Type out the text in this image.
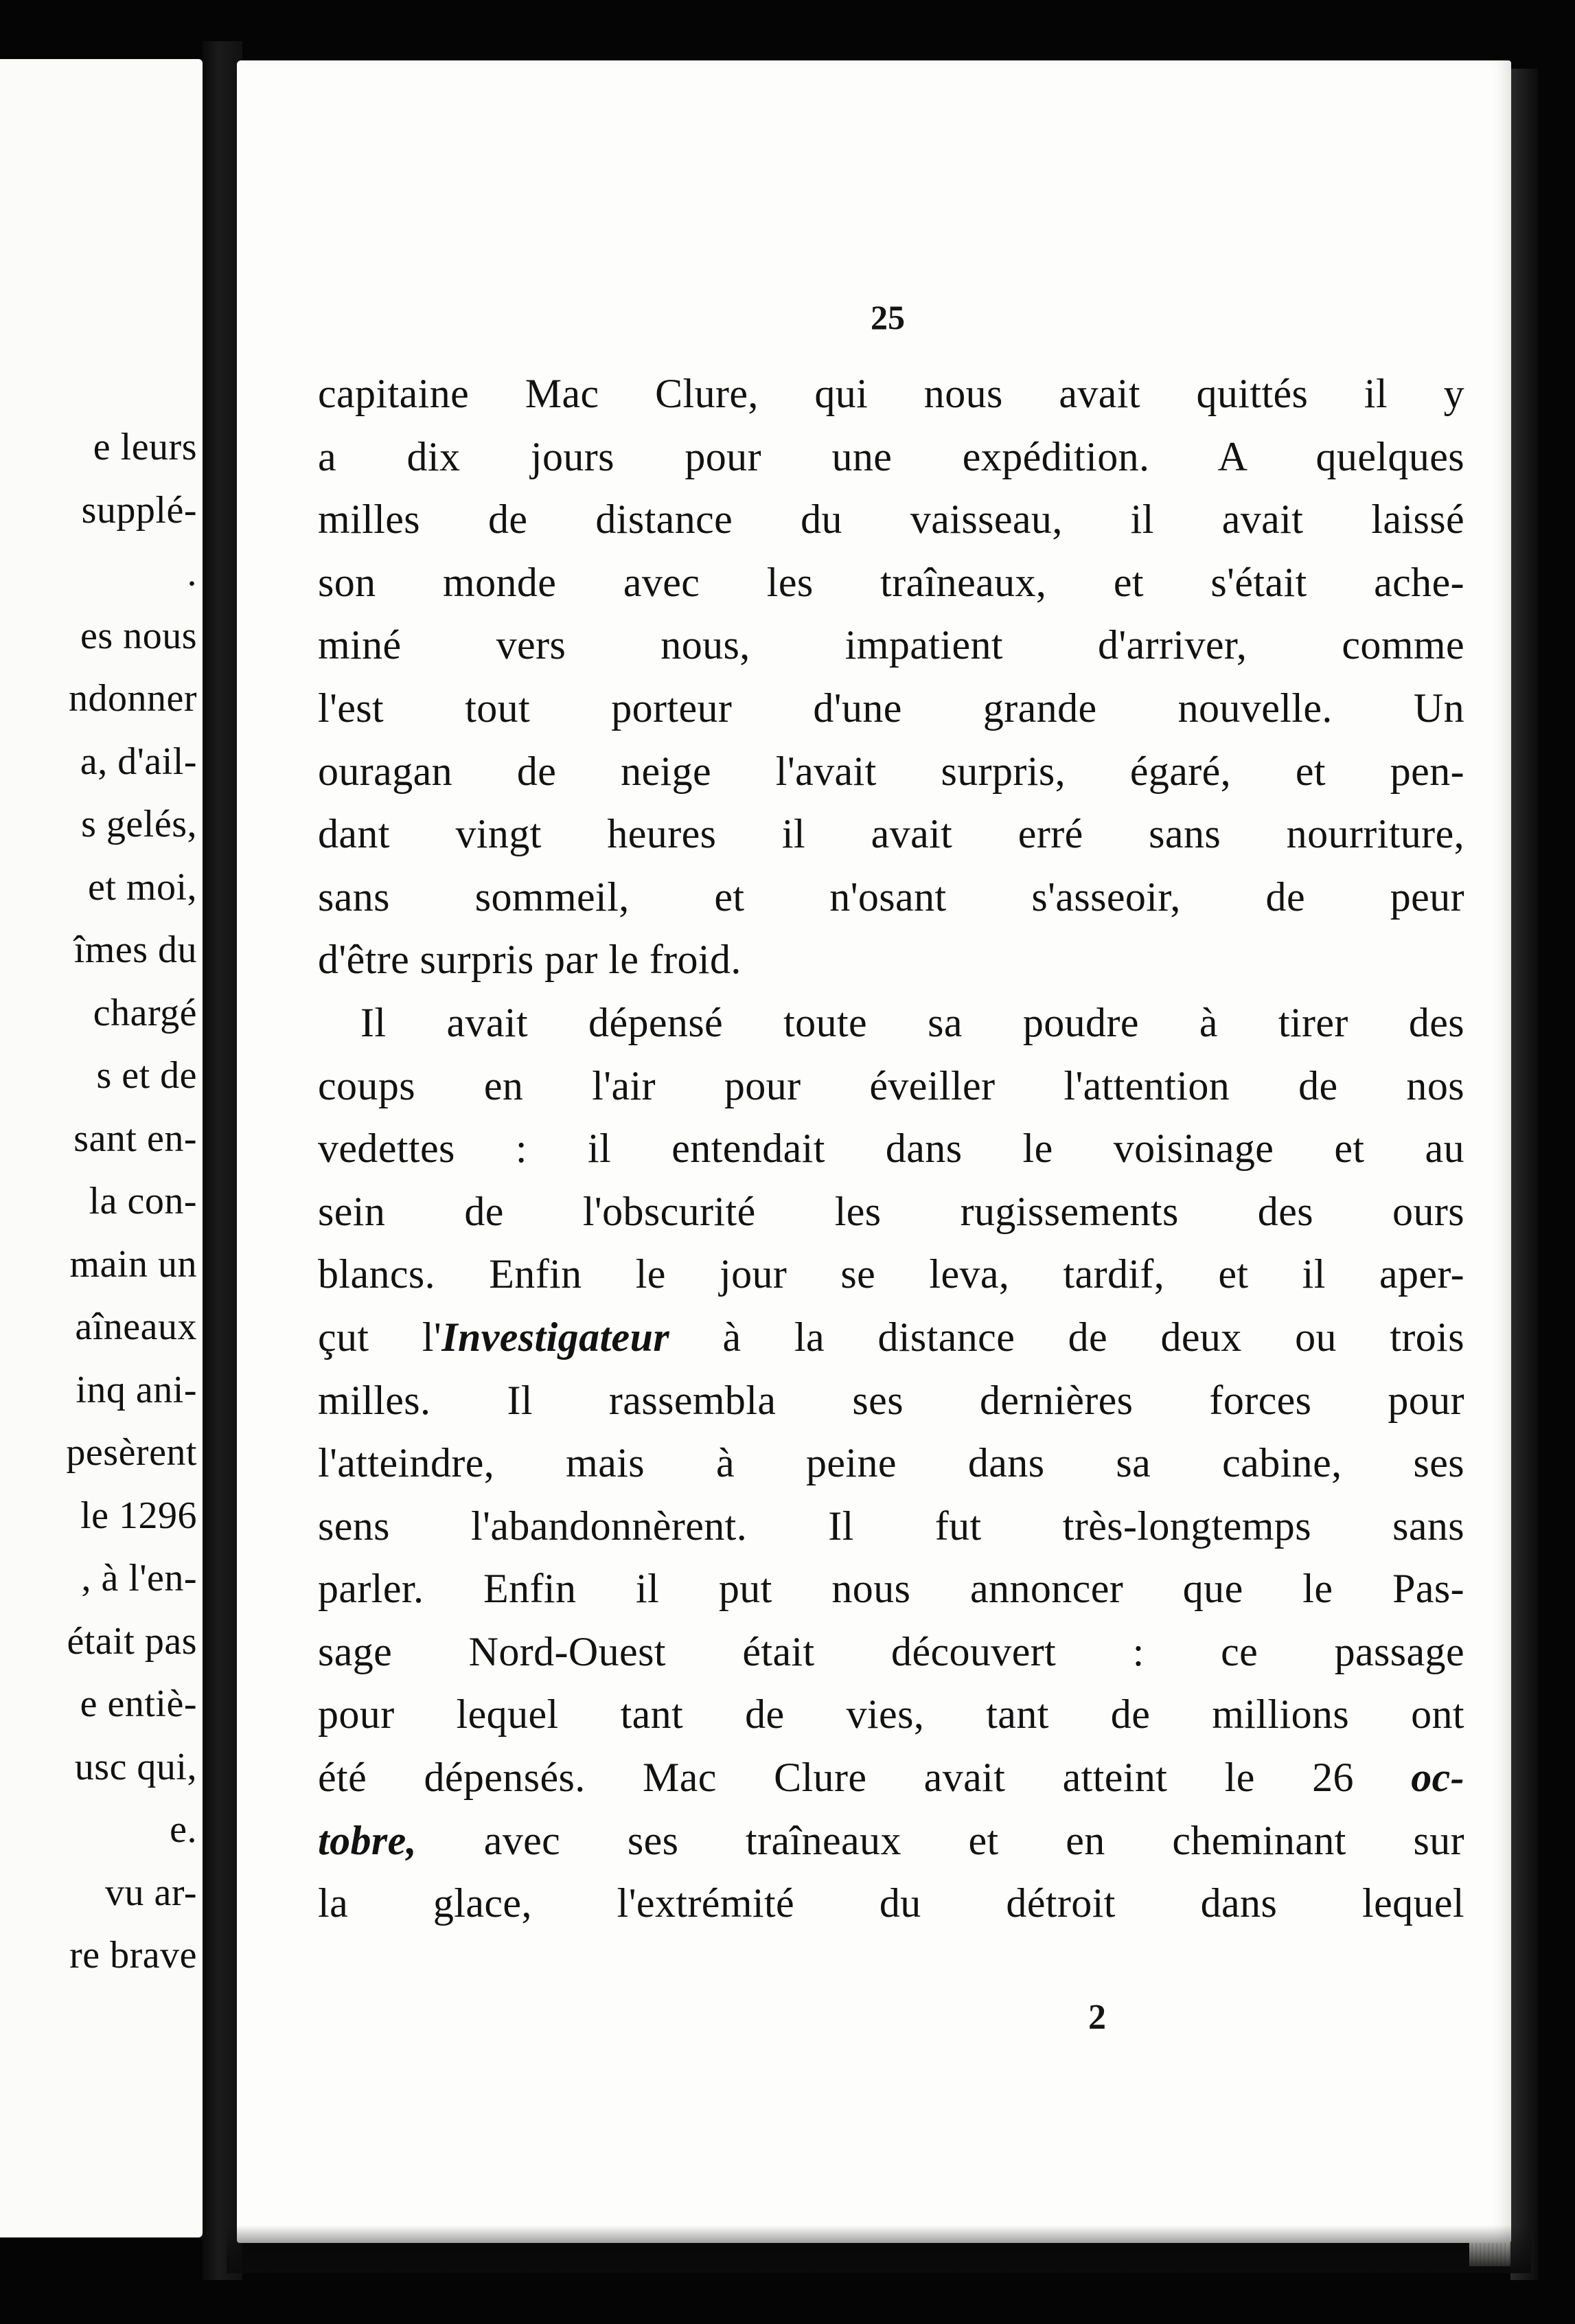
e leurs
supplé-
.
es nous
ndonner
a, d'ail-
s gelés,
et moi,
îmes du
chargé
s et de
sant en-
la con-
main un
aîneaux
inq ani-
pesèrent
le 1296
, à l'en-
était pas
e entiè-
usc qui,
e.
vu ar-
re brave
25
capitaine Mac Clure, qui nous avait quittés il y
a dix jours pour une expédition. A quelques
milles de distance du vaisseau, il avait laissé
son monde avec les traîneaux, et s'était ache-
miné vers nous, impatient d'arriver, comme
l'est tout porteur d'une grande nouvelle. Un
ouragan de neige l'avait surpris, égaré, et pen-
dant vingt heures il avait erré sans nourriture,
sans sommeil, et n'osant s'asseoir, de peur
d'être surpris par le froid.
Il avait dépensé toute sa poudre à tirer des
coups en l'air pour éveiller l'attention de nos
vedettes : il entendait dans le voisinage et au
sein de l'obscurité les rugissements des ours
blancs. Enfin le jour se leva, tardif, et il aper-
çut l'Investigateur à la distance de deux ou trois
milles. Il rassembla ses dernières forces pour
l'atteindre, mais à peine dans sa cabine, ses
sens l'abandonnèrent. Il fut très-longtemps sans
parler. Enfin il put nous annoncer que le Pas-
sage Nord-Ouest était découvert : ce passage
pour lequel tant de vies, tant de millions ont
été dépensés. Mac Clure avait atteint le 26 oc-
tobre, avec ses traîneaux et en cheminant sur
la glace, l'extrémité du détroit dans lequel
2
